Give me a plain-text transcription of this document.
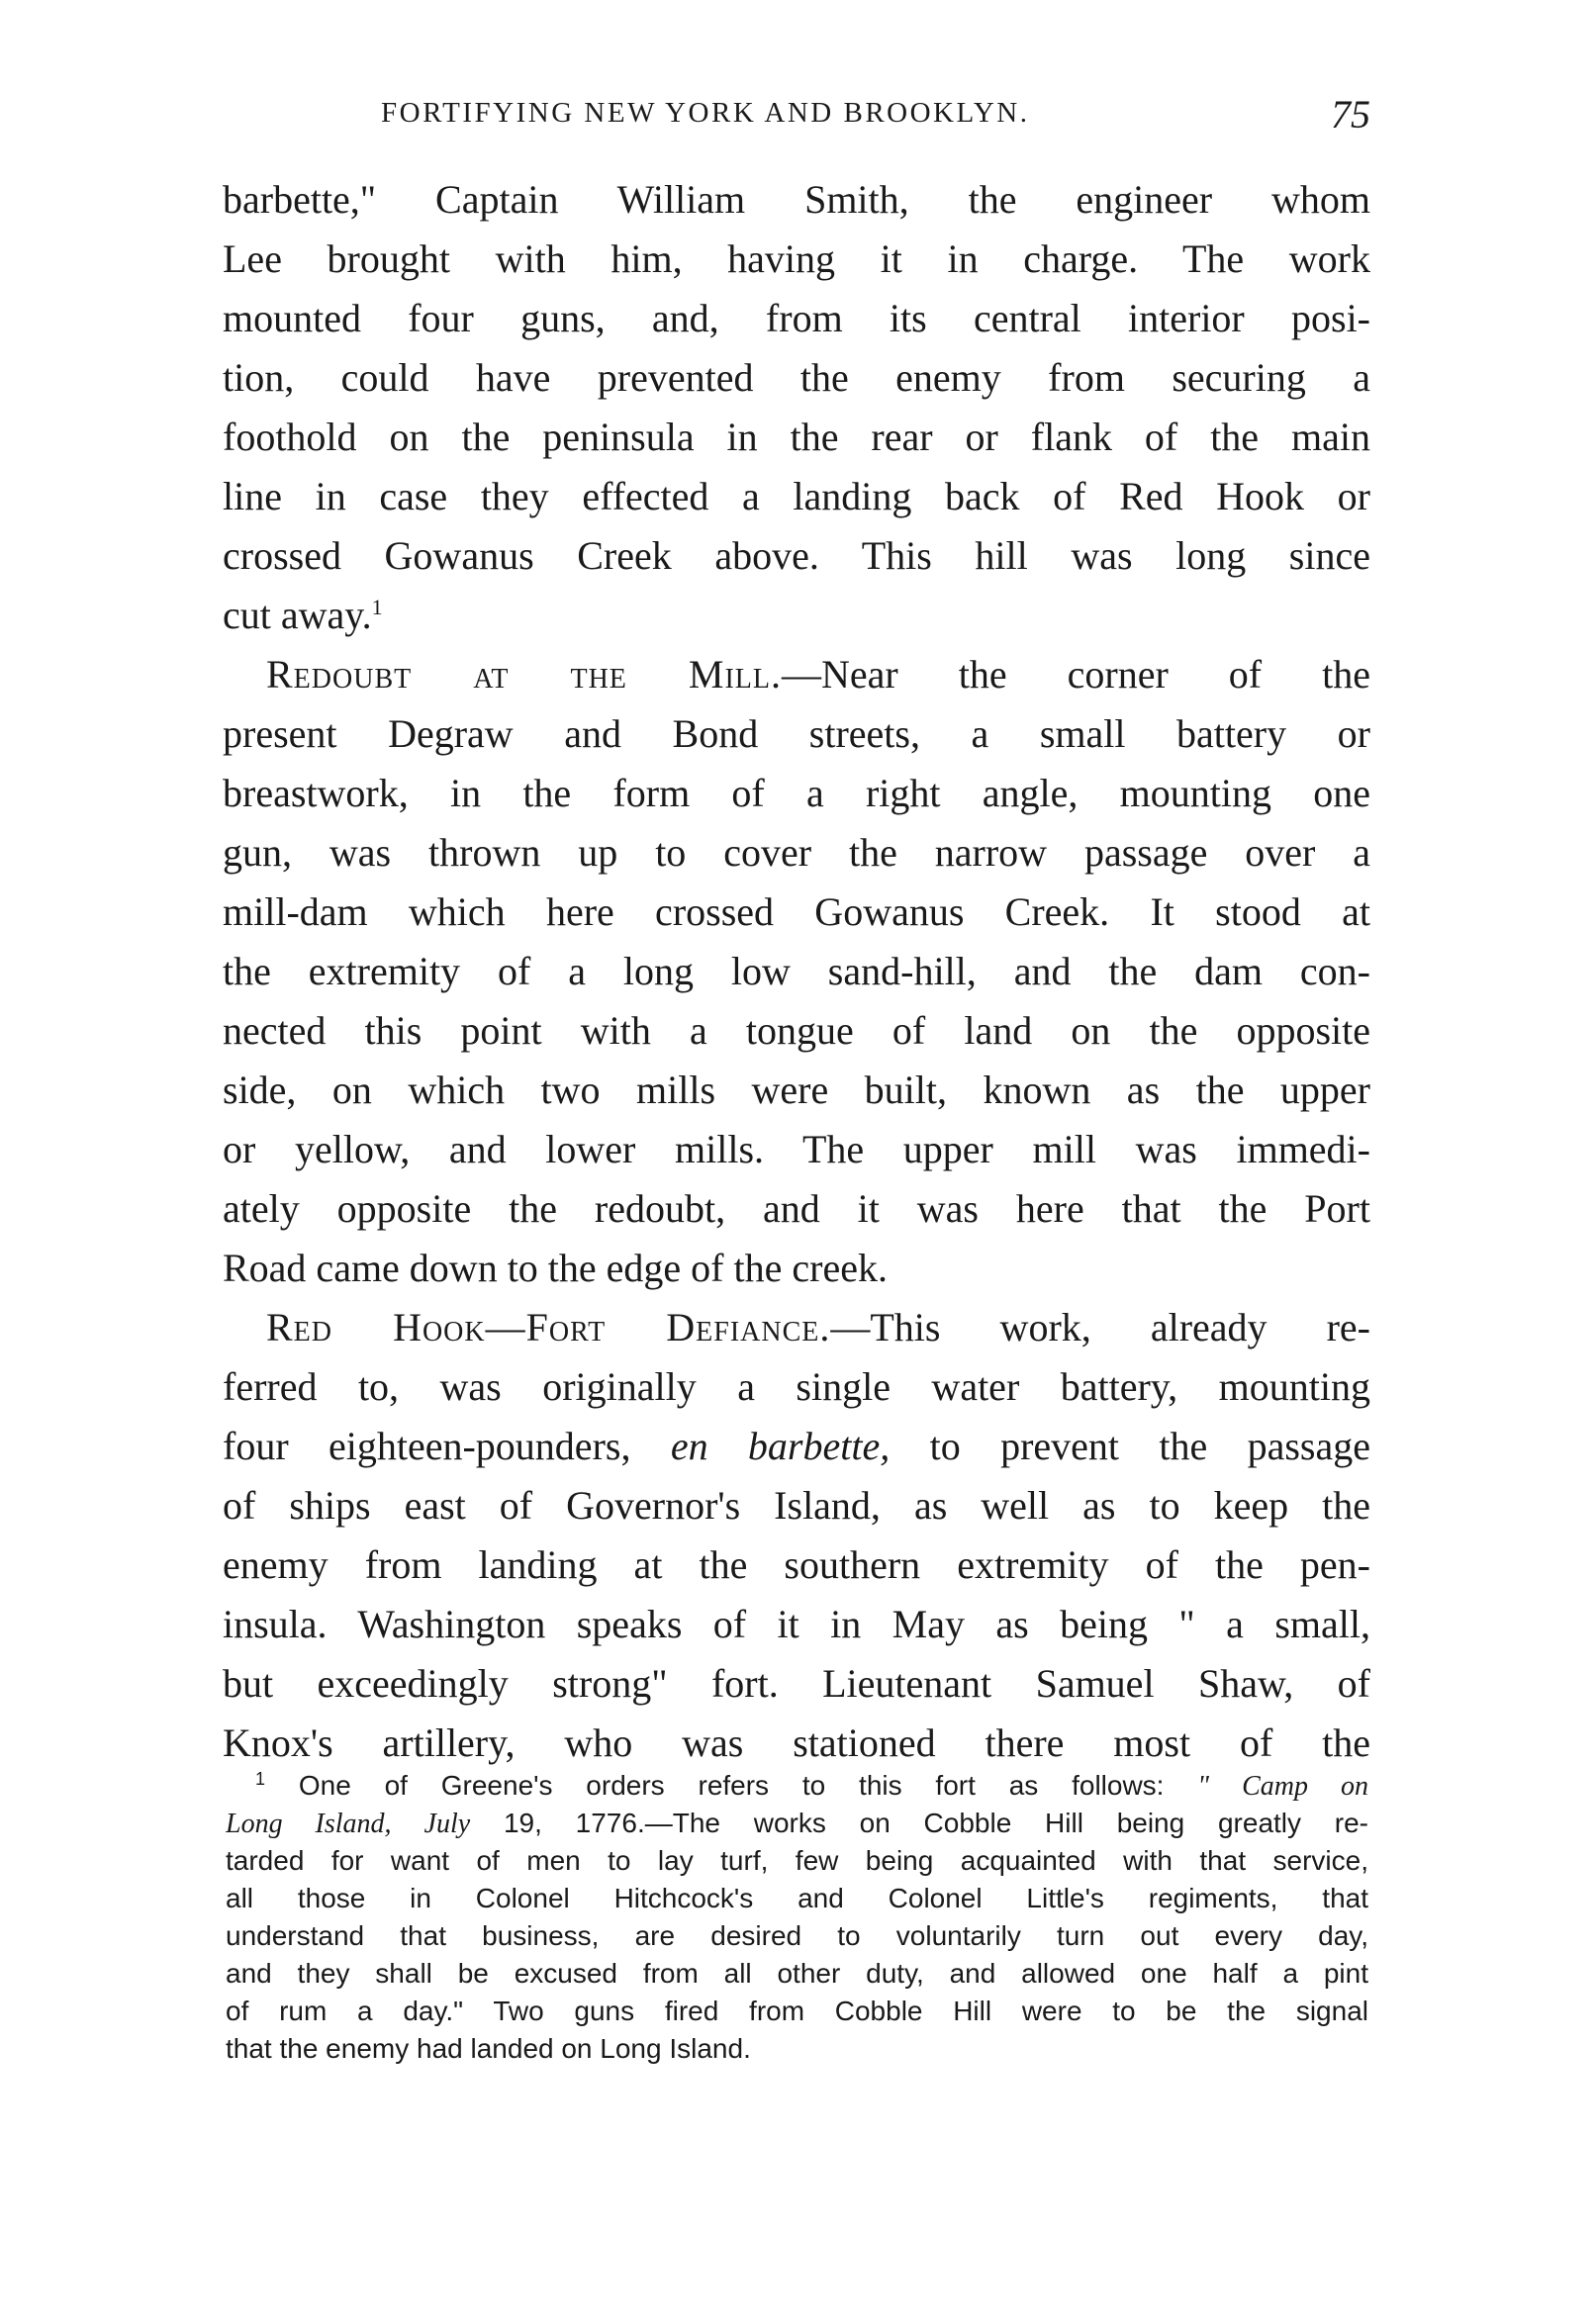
FORTIFYING NEW YORK AND BROOKLYN.	75
barbette," Captain William Smith, the engineer whom
Lee brought with him, having it in charge. The work
mounted four guns, and, from its central interior posi-
tion, could have prevented the enemy from securing a
foothold on the peninsula in the rear or flank of the main
line in case they effected a landing back of Red Hook or
crossed Gowanus Creek above. This hill was long since
cut away.$^1$
Redoubt at the Mill.—Near the corner of the
present Degraw and Bond streets, a small battery or
breastwork, in the form of a right angle, mounting one
gun, was thrown up to cover the narrow passage over a
mill-dam which here crossed Gowanus Creek. It stood at
the extremity of a long low sand-hill, and the dam con-
nected this point with a tongue of land on the opposite
side, on which two mills were built, known as the upper
or yellow, and lower mills. The upper mill was immedi-
ately opposite the redoubt, and it was here that the Port
Road came down to the edge of the creek.
Red Hook—Fort Defiance.—This work, already re-
ferred to, was originally a single water battery, mounting
four eighteen-pounders, en barbette, to prevent the passage
of ships east of Governor's Island, as well as to keep the
enemy from landing at the southern extremity of the pen-
insula. Washington speaks of it in May as being " a small,
but exceedingly strong" fort. Lieutenant Samuel Shaw, of
Knox's artillery, who was stationed there most of the
$^1$ One of Greene's orders refers to this fort as follows: " Camp on
Long Island, July 19, 1776.—The works on Cobble Hill being greatly re-
tarded for want of men to lay turf, few being acquainted with that service,
all those in Colonel Hitchcock's and Colonel Little's regiments, that
understand that business, are desired to voluntarily turn out every day,
and they shall be excused from all other duty, and allowed one half a pint
of rum a day." Two guns fired from Cobble Hill were to be the signal
that the enemy had landed on Long Island.
